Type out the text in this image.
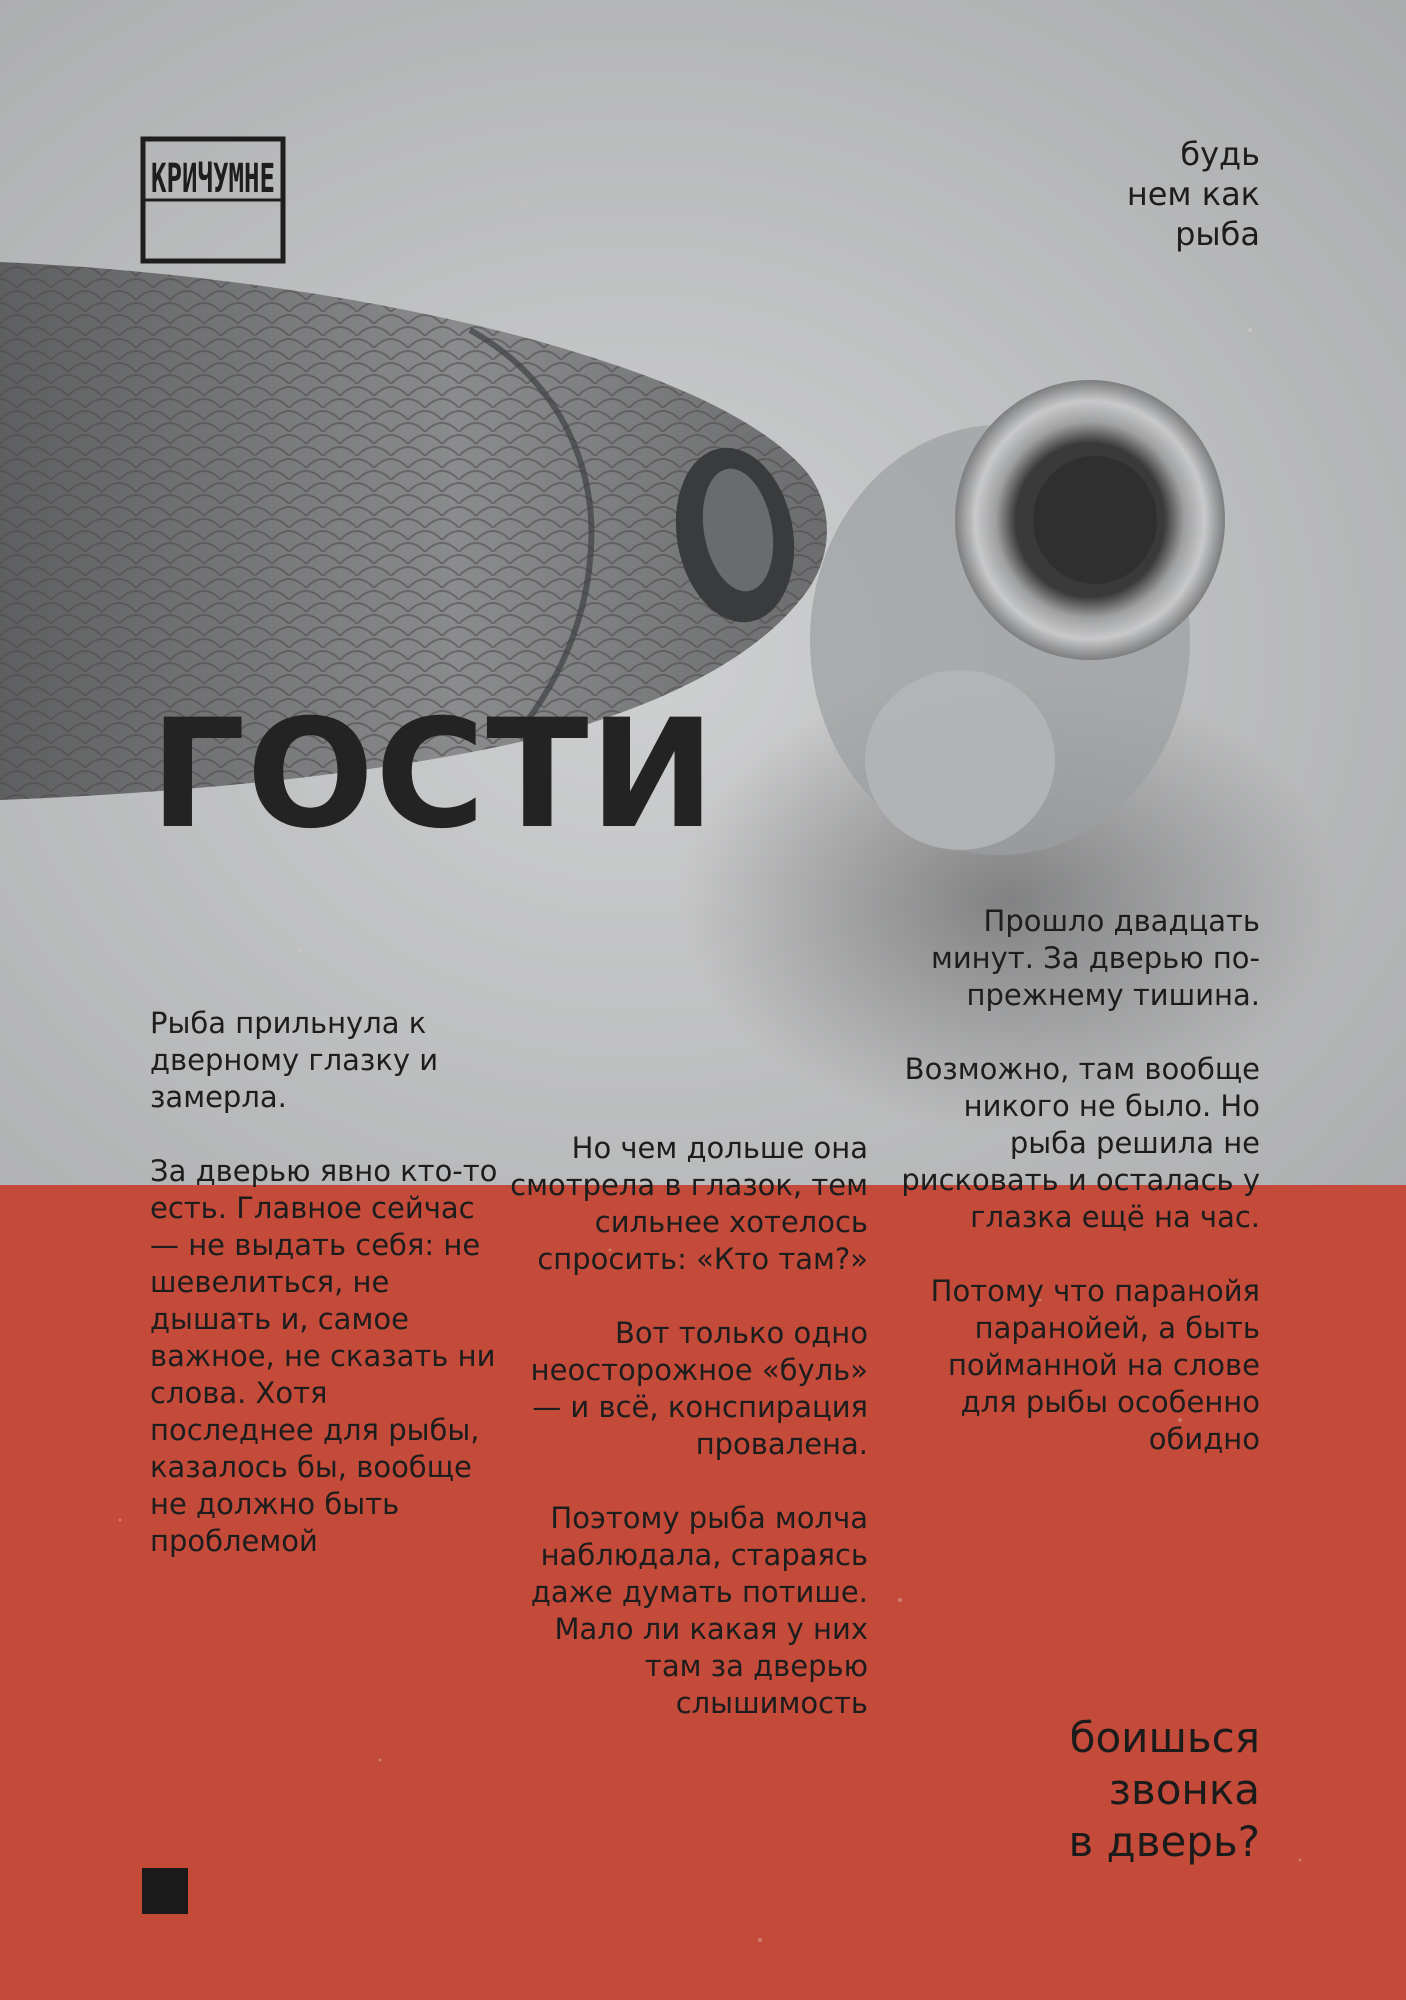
КРИЧУМНЕ
будь
нем как
рыба
ГОСТИ

Рыба прильнула к дверному глазку и замерла.

За дверью явно кто-то есть. Главное сейчас — не выдать себя: не шевелиться, не дышать и, самое важное, не сказать ни слова. Хотя последнее для рыбы, казалось бы, вообще не должно быть проблемой

Но чем дольше она смотрела в глазок, тем сильнее хотелось спросить: «Кто там?»

Вот только одно неосторожное «буль» — и всё, конспирация провалена.

Поэтому рыба молча наблюдала, стараясь даже думать потише. Мало ли какая у них там за дверью слышимость

Прошло двадцать минут. За дверью по-прежнему тишина.

Возможно, там вообще никого не было. Но рыба решила не рисковать и осталась у глазка ещё на час.

Потому что паранойя паранойей, а быть пойманной на слове для рыбы особенно обидно

боишься
звонка
в дверь?
